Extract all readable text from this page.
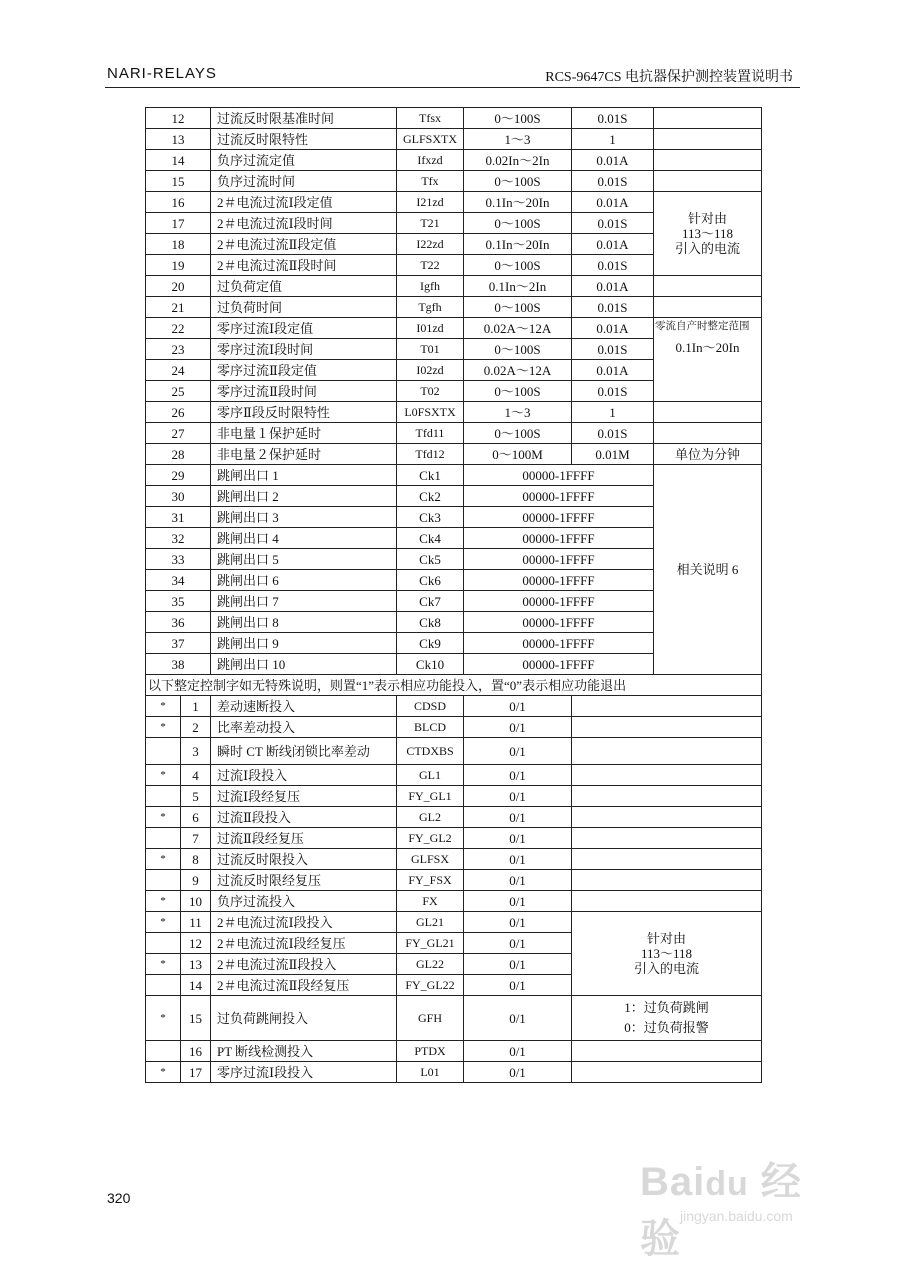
NARI-RELAYS	RCS-9647CS 电抗器保护测控装置说明书
12		过流反时限基准时间	Tfsx	0～100S	0.01S	
13		过流反时限特性	GLFSXTX	1～3	1	
14		负序过流定值	Ifxzd	0.02In～2In	0.01A	
15		负序过流时间	Tfx	0～100S	0.01S	
16		2＃电流过流Ⅰ段定值	I21zd	0.1In～20In	0.01A	针对由
113～118
引入的电流
17		2＃电流过流Ⅰ段时间	T21	0～100S	0.01S	
18		2＃电流过流Ⅱ段定值	I22zd	0.1In～20In	0.01A	
19		2＃电流过流Ⅱ段时间	T22	0～100S	0.01S	
20		过负荷定值	Igfh	0.1In～2In	0.01A	
21		过负荷时间	Tgfh	0～100S	0.01S	
22		零序过流Ⅰ段定值	I01zd	0.02A～12A	0.01A	零流自产时整定范围
0.1In～20In

23		零序过流Ⅰ段时间	T01	0～100S	0.01S	
24		零序过流Ⅱ段定值	I02zd	0.02A～12A	0.01A	
25		零序过流Ⅱ段时间	T02	0～100S	0.01S	
26		零序Ⅱ段反时限特性	L0FSXTX	1～3	1	
27		非电量１保护延时	Tfd11	0～100S	0.01S	
28		非电量２保护延时	Tfd12	0～100M	0.01M	单位为分钟
29		跳闸出口 1	Ck1	00000-1FFFF		相关说明 6
30		跳闸出口 2	Ck2	00000-1FFFF		
31		跳闸出口 3	Ck3	00000-1FFFF		
32		跳闸出口 4	Ck4	00000-1FFFF		
33		跳闸出口 5	Ck5	00000-1FFFF		
34		跳闸出口 6	Ck6	00000-1FFFF		
35		跳闸出口 7	Ck7	00000-1FFFF		
36		跳闸出口 8	Ck8	00000-1FFFF		
37		跳闸出口 9	Ck9	00000-1FFFF		
38		跳闸出口 10	Ck10	00000-1FFFF		
以下整定控制字如无特殊说明，则置“1”表示相应功能投入，置“0”表示相应功能退出						
*	1	差动速断投入	CDSD	0/1		
*	2	比率差动投入	BLCD	0/1		
	3	瞬时 CT 断线闭锁比率差动	CTDXBS	0/1		
*	4	过流Ⅰ段投入	GL1	0/1		
	5	过流Ⅰ段经复压	FY_GL1	0/1		
*	6	过流Ⅱ段投入	GL2	0/1		
	7	过流Ⅱ段经复压	FY_GL2	0/1		
*	8	过流反时限投入	GLFSX	0/1		
	9	过流反时限经复压	FY_FSX	0/1		
*	10	负序过流投入	FX	0/1		
*	11	2＃电流过流Ⅰ段投入	GL21	0/1	针对由
113～118
引入的电流	
	12	2＃电流过流Ⅰ段经复压	FY_GL21	0/1		
*	13	2＃电流过流Ⅱ段投入	GL22	0/1		
	14	2＃电流过流Ⅱ段经复压	FY_GL22	0/1		
*	15	过负荷跳闸投入	GFH	0/1	1：过负荷跳闸
0：过负荷报警	

	16	PT 断线检测投入	PTDX	0/1		
*	17	零序过流Ⅰ段投入	L01	0/1		
320	Baidu 经验
jingyan.baidu.com
